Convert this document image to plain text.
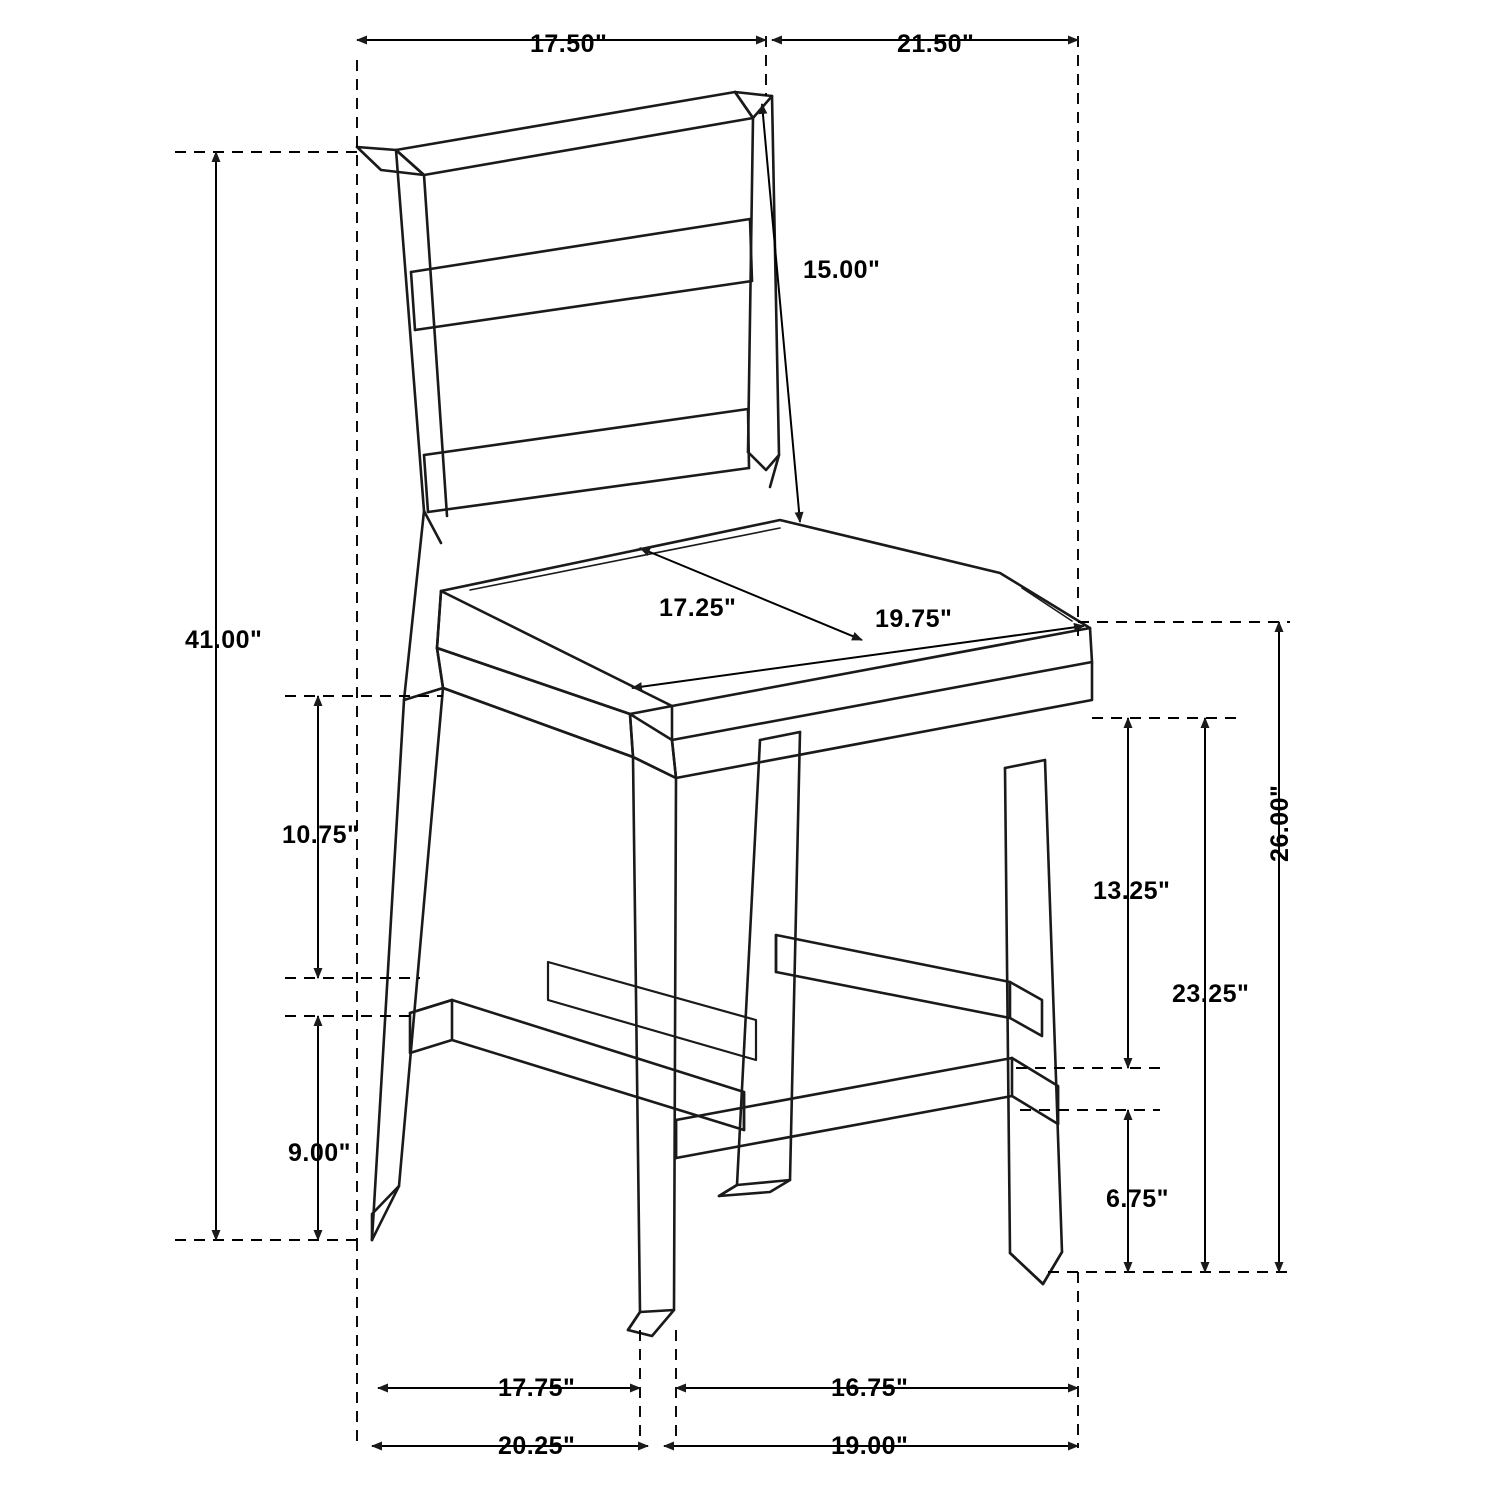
17.50"	21.50"
15.00"
17.25"	19.75"
41.00"
10.75"
13.25"
23.25"
26.00"
9.00"
6.75"
17.75"	16.75"
20.25"	19.00"
